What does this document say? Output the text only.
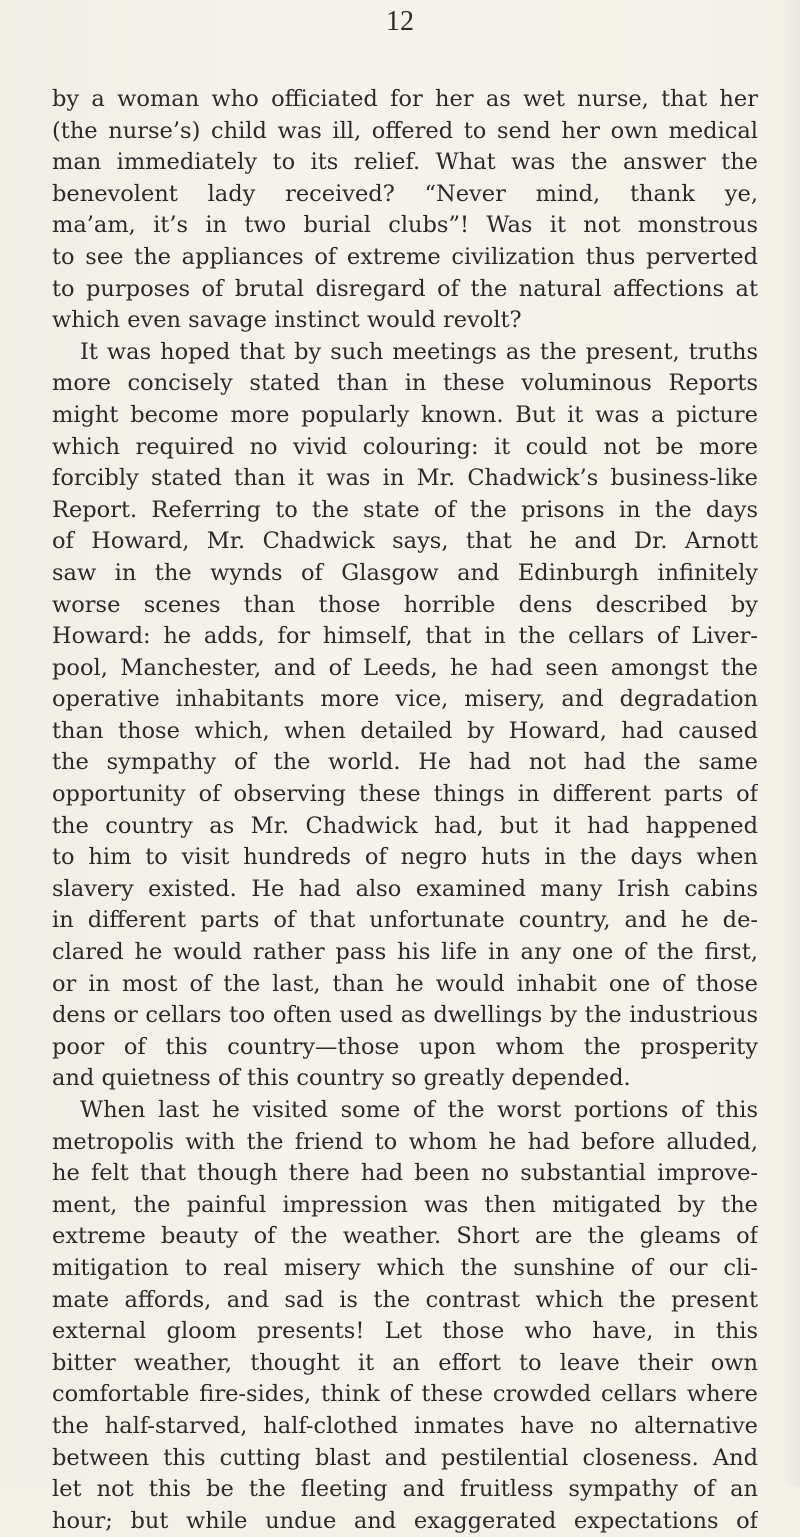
12
by a woman who officiated for her as wet nurse, that her
(the nurse’s) child was ill, offered to send her own medical
man immediately to its relief. What was the answer the
benevolent lady received? “Never mind, thank ye,
ma’am, it’s in two burial clubs”! Was it not monstrous
to see the appliances of extreme civilization thus perverted
to purposes of brutal disregard of the natural affections at
which even savage instinct would revolt?
It was hoped that by such meetings as the present, truths
more concisely stated than in these voluminous Reports
might become more popularly known. But it was a picture
which required no vivid colouring: it could not be more
forcibly stated than it was in Mr. Chadwick’s business-like
Report. Referring to the state of the prisons in the days
of Howard, Mr. Chadwick says, that he and Dr. Arnott
saw in the wynds of Glasgow and Edinburgh infinitely
worse scenes than those horrible dens described by
Howard: he adds, for himself, that in the cellars of Liver-
pool, Manchester, and of Leeds, he had seen amongst the
operative inhabitants more vice, misery, and degradation
than those which, when detailed by Howard, had caused
the sympathy of the world. He had not had the same
opportunity of observing these things in different parts of
the country as Mr. Chadwick had, but it had happened
to him to visit hundreds of negro huts in the days when
slavery existed. He had also examined many Irish cabins
in different parts of that unfortunate country, and he de-
clared he would rather pass his life in any one of the first,
or in most of the last, than he would inhabit one of those
dens or cellars too often used as dwellings by the industrious
poor of this country—those upon whom the prosperity
and quietness of this country so greatly depended.
When last he visited some of the worst portions of this
metropolis with the friend to whom he had before alluded,
he felt that though there had been no substantial improve-
ment, the painful impression was then mitigated by the
extreme beauty of the weather. Short are the gleams of
mitigation to real misery which the sunshine of our cli-
mate affords, and sad is the contrast which the present
external gloom presents! Let those who have, in this
bitter weather, thought it an effort to leave their own
comfortable fire-sides, think of these crowded cellars where
the half-starved, half-clothed inmates have no alternative
between this cutting blast and pestilential closeness. And
let not this be the fleeting and fruitless sympathy of an
hour; but while undue and exaggerated expectations of
